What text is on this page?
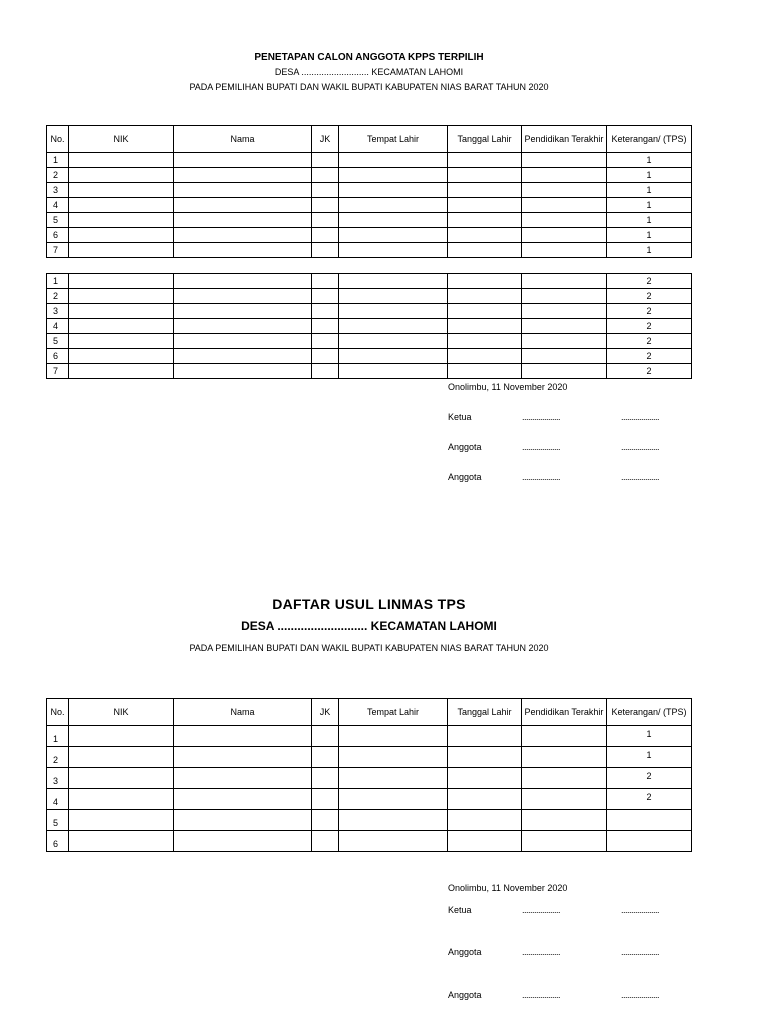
PENETAPAN CALON ANGGOTA KPPS TERPILIH
DESA ........................... KECAMATAN LAHOMI
PADA PEMILIHAN BUPATI DAN WAKIL BUPATI KABUPATEN NIAS BARAT TAHUN 2020
No.	NIK	Nama	JK	Tempat Lahir	Tanggal Lahir	Pendidikan Terakhir	Keterangan/ (TPS)
1							1
2							1
3							1
4							1
5							1
6							1
7							1
1							2
2							2
3							2
4							2
5							2
6							2
7							2
Onolimbu, 11 November 2020
Ketua	...................	...................
Anggota	...................	...................
Anggota	...................	...................
DAFTAR USUL LINMAS TPS
DESA ........................... KECAMATAN LAHOMI
PADA PEMILIHAN BUPATI DAN WAKIL BUPATI KABUPATEN NIAS BARAT TAHUN 2020
No.	NIK	Nama	JK	Tempat Lahir	Tanggal Lahir	Pendidikan Terakhir	Keterangan/ (TPS)
1							1
2							1
3							2
4							2
5							
6							
Onolimbu, 11 November 2020
Ketua	...................	...................
Anggota	...................	...................
Anggota	...................	...................
